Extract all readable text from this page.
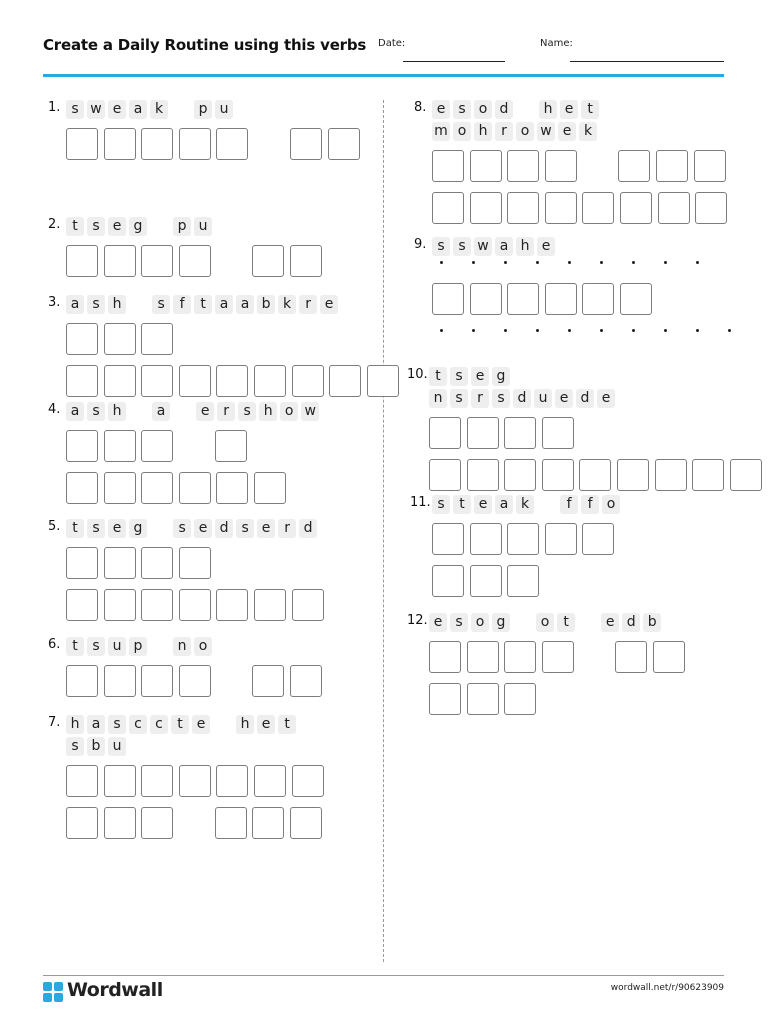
Create a Daily Routine using this verbs Date:	Name:
1. s w e a k	p u
2. t	s e g	p u
3. a s h	s	f	t a a b k	r e
4. a s h	a	e r	s h o w
5. t	s e g	s e d s e r d
6. t	s u p	n o
7. h a s c c	t e	h e t
s b u
8. e s o d	h e t
m o h r o w e k
9. s s w a h e
10. t	s e g
n s	r	s d u e d e
11. s	t e a k	f	f	o
12. e s o g	o t	e d b
Wordwall	wordwall.net/r/90623909
